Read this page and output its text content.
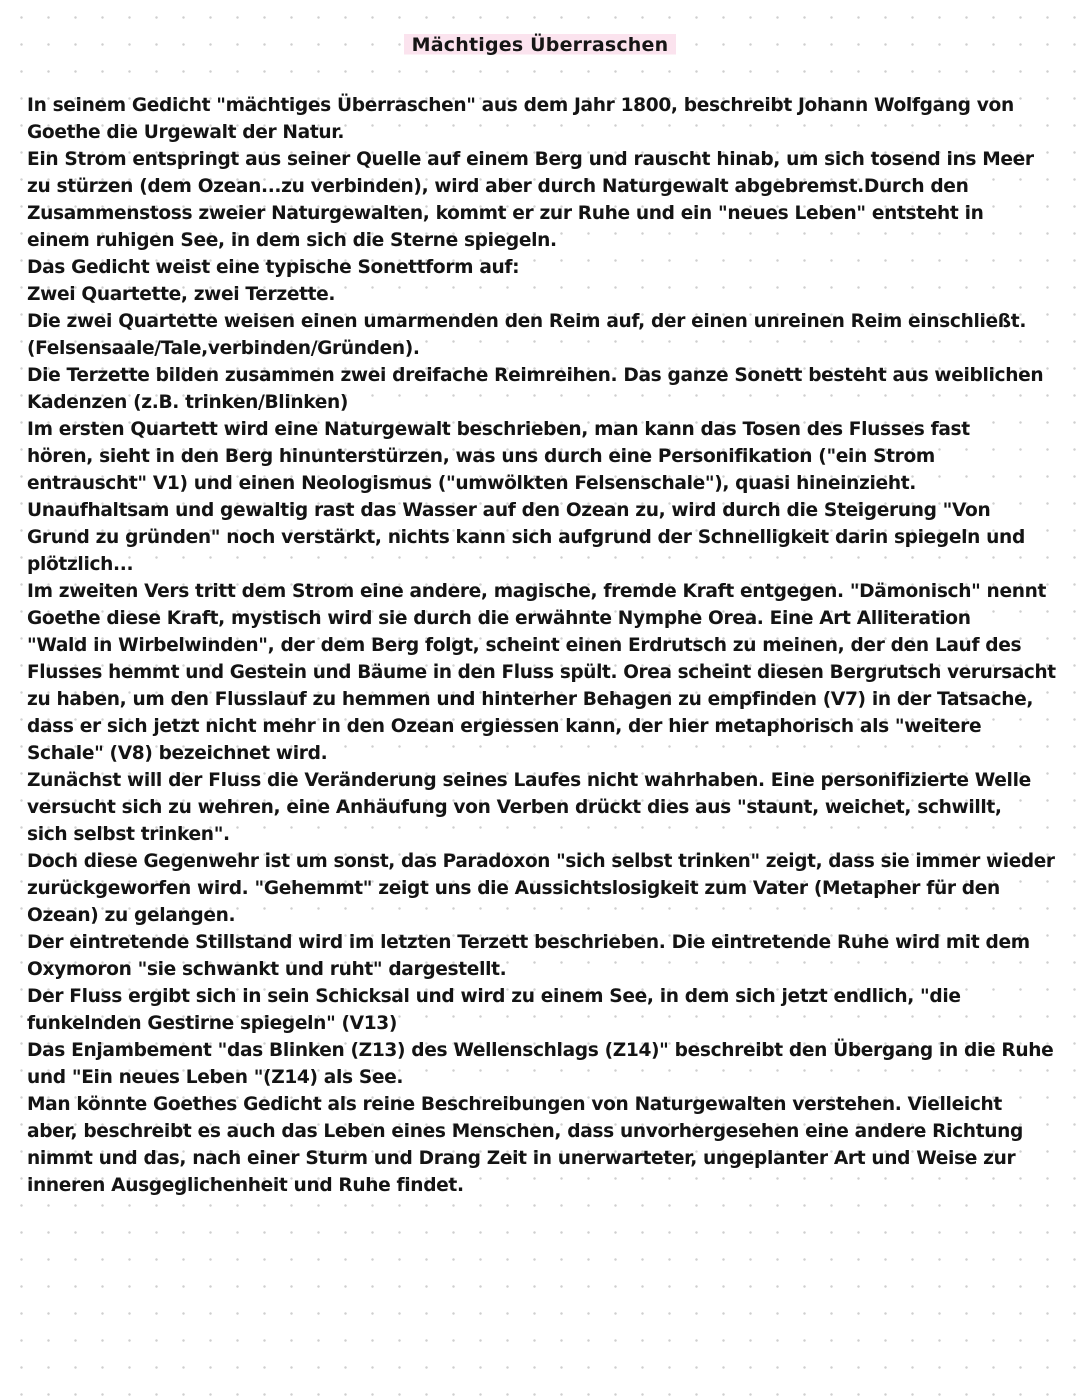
Mächtiges Überraschen
In seinem Gedicht "mächtiges Überraschen" aus dem Jahr 1800, beschreibt Johann Wolfgang von
Goethe die Urgewalt der Natur.
Ein Strom entspringt aus seiner Quelle auf einem Berg und rauscht hinab, um sich tosend ins Meer
zu stürzen (dem Ozean...zu verbinden), wird aber durch Naturgewalt abgebremst.Durch den
Zusammenstoss zweier Naturgewalten, kommt er zur Ruhe und ein "neues Leben" entsteht in
einem ruhigen See, in dem sich die Sterne spiegeln.
Das Gedicht weist eine typische Sonettform auf:
Zwei Quartette, zwei Terzette.
Die zwei Quartette weisen einen umarmenden den Reim auf, der einen unreinen Reim einschließt.
(Felsensaale/Tale,verbinden/Gründen).
Die Terzette bilden zusammen zwei dreifache Reimreihen. Das ganze Sonett besteht aus weiblichen
Kadenzen (z.B. trinken/Blinken)
Im ersten Quartett wird eine Naturgewalt beschrieben, man kann das Tosen des Flusses fast
hören, sieht in den Berg hinunterstürzen, was uns durch eine Personifikation ("ein Strom
entrauscht" V1) und einen Neologismus ("umwölkten Felsenschale"), quasi hineinzieht.
Unaufhaltsam und gewaltig rast das Wasser auf den Ozean zu, wird durch die Steigerung "Von
Grund zu gründen" noch verstärkt, nichts kann sich aufgrund der Schnelligkeit darin spiegeln und
plötzlich...
Im zweiten Vers tritt dem Strom eine andere, magische, fremde Kraft entgegen. "Dämonisch" nennt
Goethe diese Kraft, mystisch wird sie durch die erwähnte Nymphe Orea. Eine Art Alliteration
"Wald in Wirbelwinden", der dem Berg folgt, scheint einen Erdrutsch zu meinen, der den Lauf des
Flusses hemmt und Gestein und Bäume in den Fluss spült. Orea scheint diesen Bergrutsch verursacht
zu haben, um den Flusslauf zu hemmen und hinterher Behagen zu empfinden (V7) in der Tatsache,
dass er sich jetzt nicht mehr in den Ozean ergiessen kann, der hier metaphorisch als "weitere
Schale" (V8) bezeichnet wird.
Zunächst will der Fluss die Veränderung seines Laufes nicht wahrhaben. Eine personifizierte Welle
versucht sich zu wehren, eine Anhäufung von Verben drückt dies aus "staunt, weichet, schwillt,
sich selbst trinken".
Doch diese Gegenwehr ist um sonst, das Paradoxon "sich selbst trinken" zeigt, dass sie immer wieder
zurückgeworfen wird. "Gehemmt" zeigt uns die Aussichtslosigkeit zum Vater (Metapher für den
Ozean) zu gelangen.
Der eintretende Stillstand wird im letzten Terzett beschrieben. Die eintretende Ruhe wird mit dem
Oxymoron "sie schwankt und ruht" dargestellt.
Der Fluss ergibt sich in sein Schicksal und wird zu einem See, in dem sich jetzt endlich, "die
funkelnden Gestirne spiegeln" (V13)
Das Enjambement "das Blinken (Z13) des Wellenschlags (Z14)" beschreibt den Übergang in die Ruhe
und "Ein neues Leben "(Z14) als See.
Man könnte Goethes Gedicht als reine Beschreibungen von Naturgewalten verstehen. Vielleicht
aber, beschreibt es auch das Leben eines Menschen, dass unvorhergesehen eine andere Richtung
nimmt und das, nach einer Sturm und Drang Zeit in unerwarteter, ungeplanter Art und Weise zur
inneren Ausgeglichenheit und Ruhe findet.
